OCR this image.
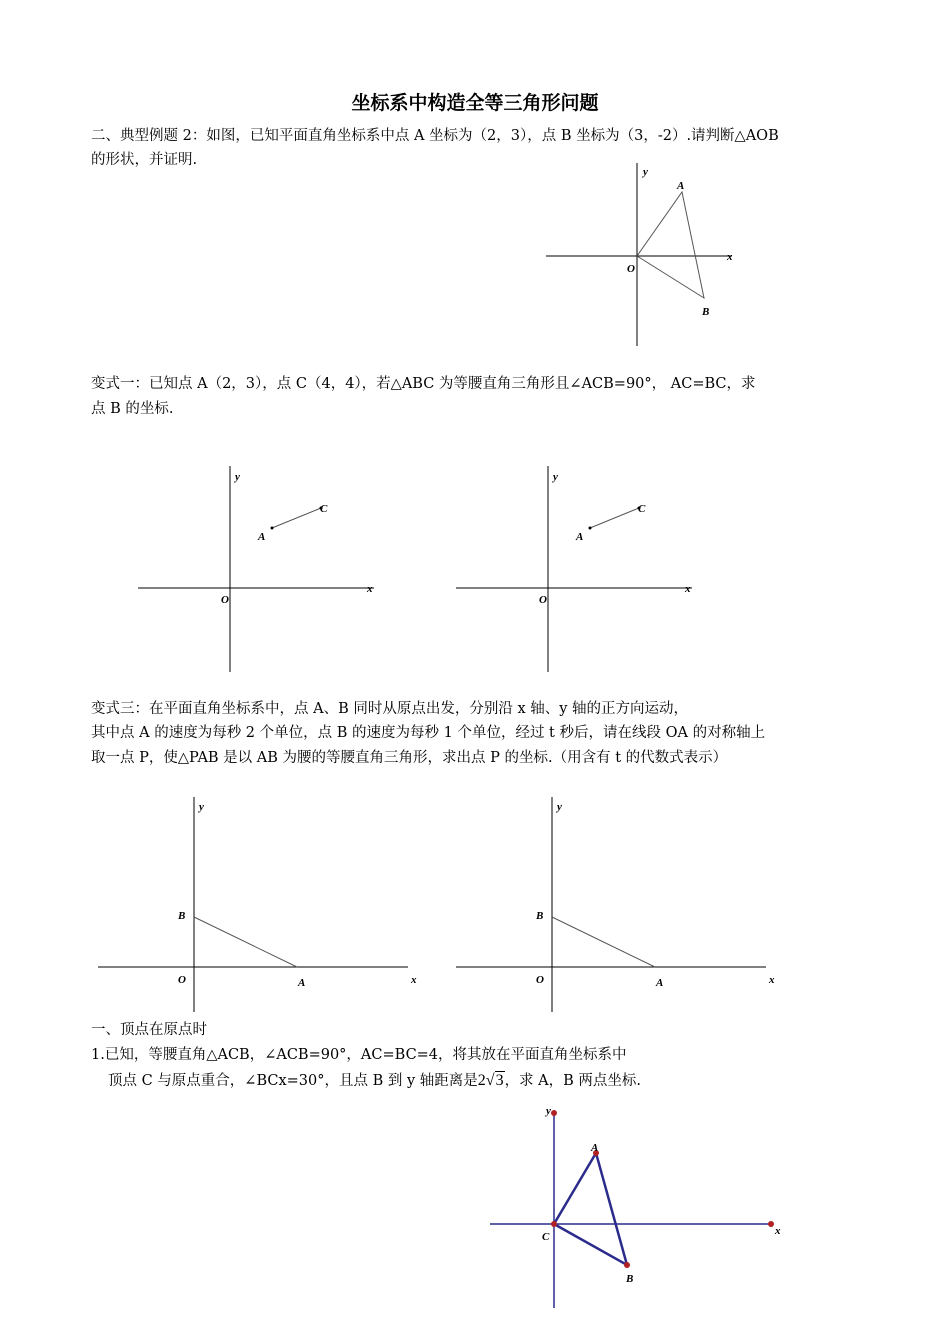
坐标系中构造全等三角形问题
二、典型例题 2：如图，已知平面直角坐标系中点 A 坐标为（2，3），点 B 坐标为（3，-2）.请判断△AOB
的形状，并证明.
y
x
O
A
B
变式一：已知点 A（2，3），点 C（4，4），若△ABC 为等腰直角三角形且∠ACB=90°， AC=BC，求
点 B 的坐标.
y
x
O
A
C
y
x
O
A
C
变式三：在平面直角坐标系中，点 A、B 同时从原点出发，分别沿 x 轴、y 轴的正方向运动，
其中点 A 的速度为每秒 2 个单位，点 B 的速度为每秒 1 个单位，经过 t 秒后，请在线段 OA 的对称轴上
取一点 P，使△PAB 是以 AB 为腰的等腰直角三角形，求出点 P 的坐标.（用含有 t 的代数式表示）
y
x
O
B
A
y
x
O
B
A
一、顶点在原点时
1.已知，等腰直角△ACB，∠ACB=90°，AC=BC=4，将其放在平面直角坐标系中
顶点 C 与原点重合，∠BCx=30°，且点 B 到 y 轴距离是2√3，求 A，B 两点坐标.
y
x
C
A
B
